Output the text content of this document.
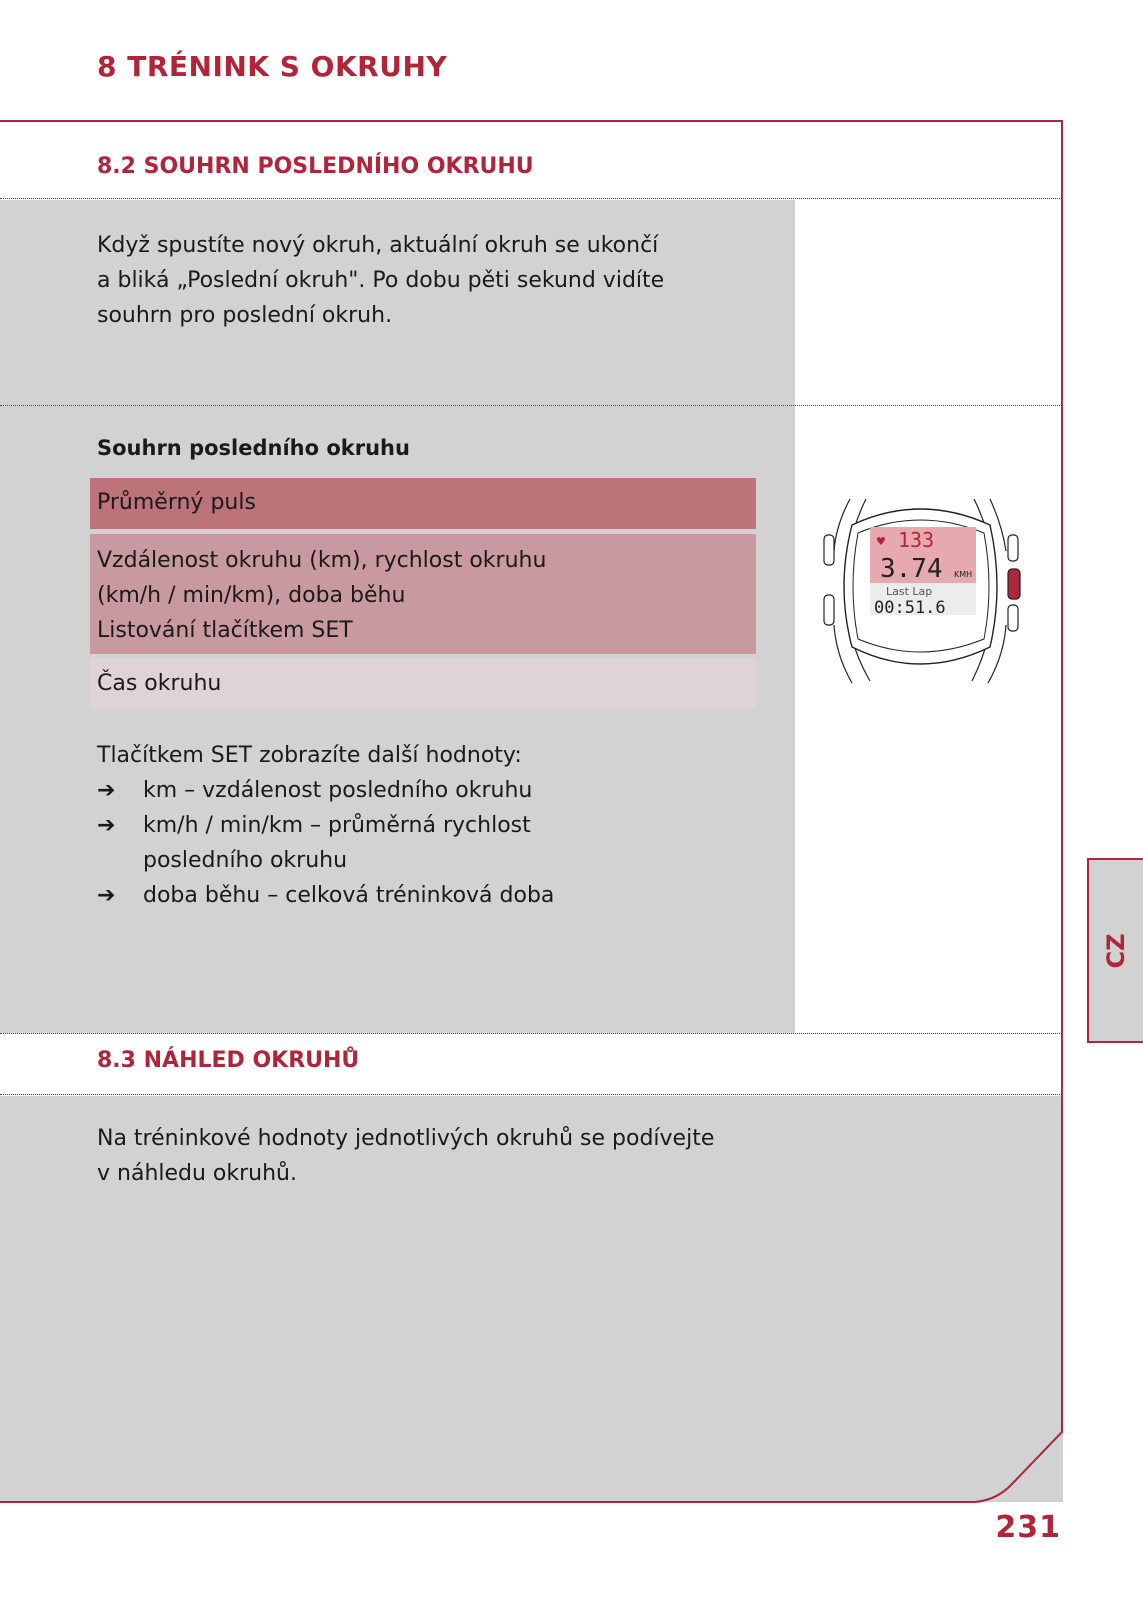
8 TRÉNINK S OKRUHY
8.2 SOUHRN POSLEDNÍHO OKRUHU
Když spustíte nový okruh, aktuální okruh se ukončí
a bliká „Poslední okruh". Po dobu pěti sekund vidíte
souhrn pro poslední okruh.
Souhrn posledního okruhu
Průměrný puls
Vzdálenost okruhu (km), rychlost okruhu
(km/h / min/km), doba běhu
Listování tlačítkem SET
Čas okruhu

Tlačítkem SET zobrazíte další hodnoty:

➔ km – vzdálenost posledního okruhu
➔ km/h / min/km – průměrná rychlost
posledního okruhu
➔ doba běhu – celková tréninková doba
♥ 133
3.74 KMH
Last Lap
00:51.6
8.3 NÁHLED OKRUHŮ
Na tréninkové hodnoty jednotlivých okruhů se podívejte
v náhledu okruhů.
CZ
231
